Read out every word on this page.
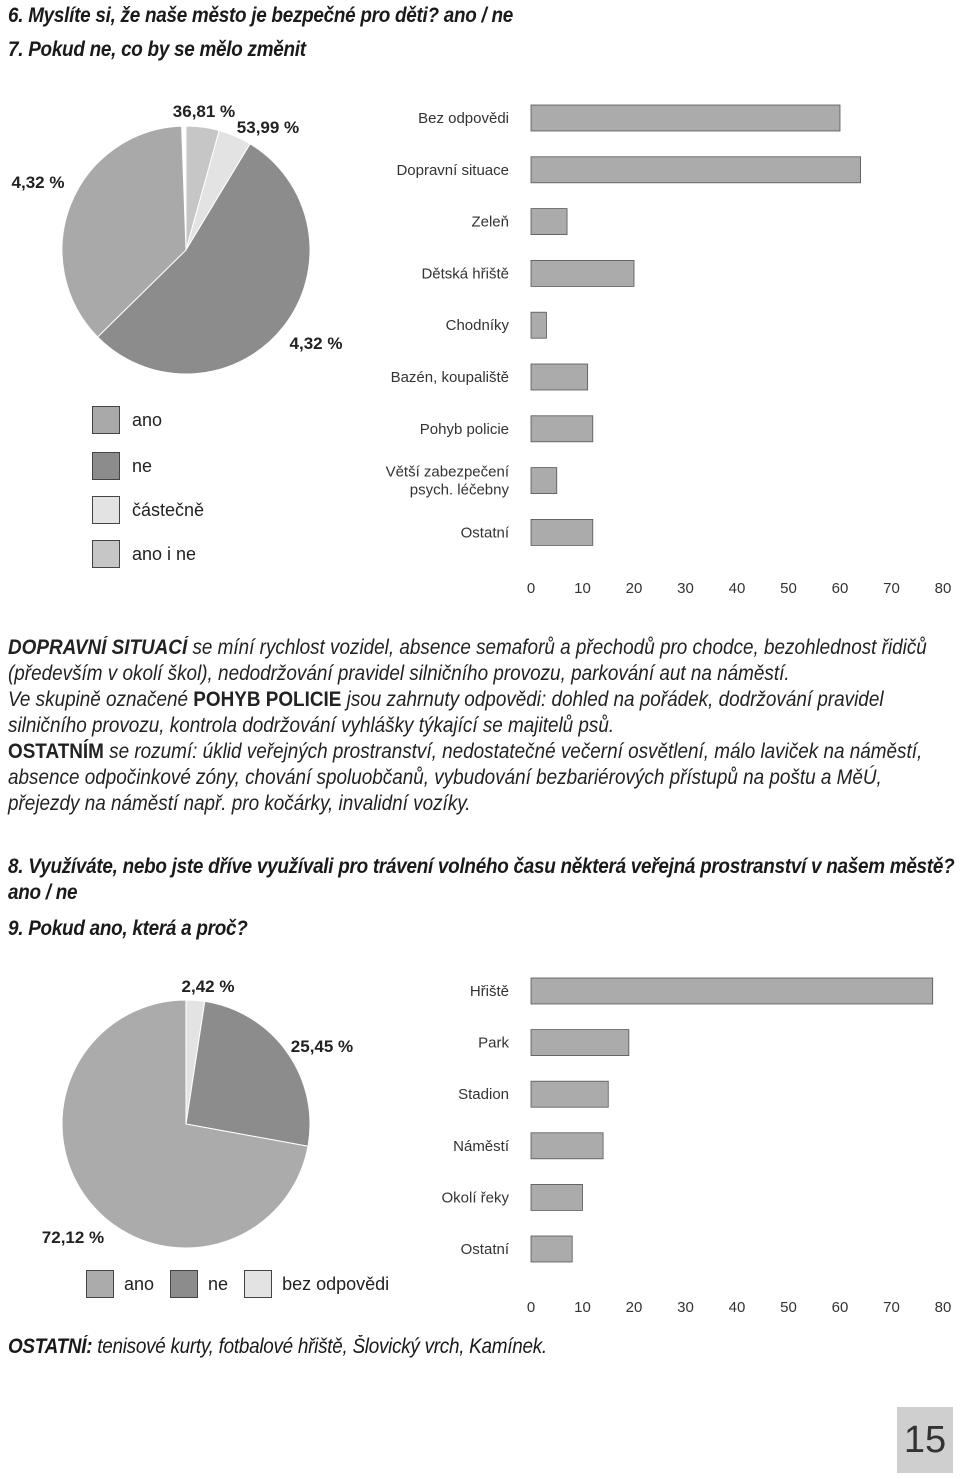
6. Myslíte si, že naše město je bezpečné pro děti? ano / ne
7. Pokud ne, co by se mělo změnit
36,81 %
53,99 %
4,32 %
4,32 %
Bez odpovědi
Dopravní situace
Zeleň
Dětská hřiště
Chodníky
Bazén, koupaliště
Pohyb policie
Větší zabezpečení
psych. léčebny
Ostatní
0	10 20 30 40 50 60 70 80
ano
ne
částečně
ano i ne

DOPRAVNÍ SITUACÍ se míní rychlost vozidel, absence semaforů a přechodů pro chodce, bezohlednost řidičů (především v okolí škol), nedodržování pravidel silničního provozu, parkování aut na náměstí.

Ve skupině označené POHYB POLICIE jsou zahrnuty odpovědi: dohled na pořádek, dodržování pravidel silničního provozu, kontrola dodržování vyhlášky týkající se majitelů psů.

OSTATNÍM se rozumí: úklid veřejných prostranství, nedostatečné večerní osvětlení, málo laviček na náměstí, absence odpočinkové zóny, chování spoluobčanů, vybudování bezbariérových přístupů na poštu a MěÚ, přejezdy na náměstí např. pro kočárky, invalidní vozíky.

8. Využíváte, nebo jste dříve využívali pro trávení volného času některá veřejná prostranství v našem městě? ano / ne
9. Pokud ano, která a proč?
72,12 %
25,45 %
2,42 %	Hřiště
Park
Stadion
Náměstí
Okolí řeky
Ostatní
0	10 20 30 40 50 60 70 80
ano	ne	bez odpovědi
OSTATNÍ: tenisové kurty, fotbalové hřiště, Šlovický vrch, Kamínek.
15
